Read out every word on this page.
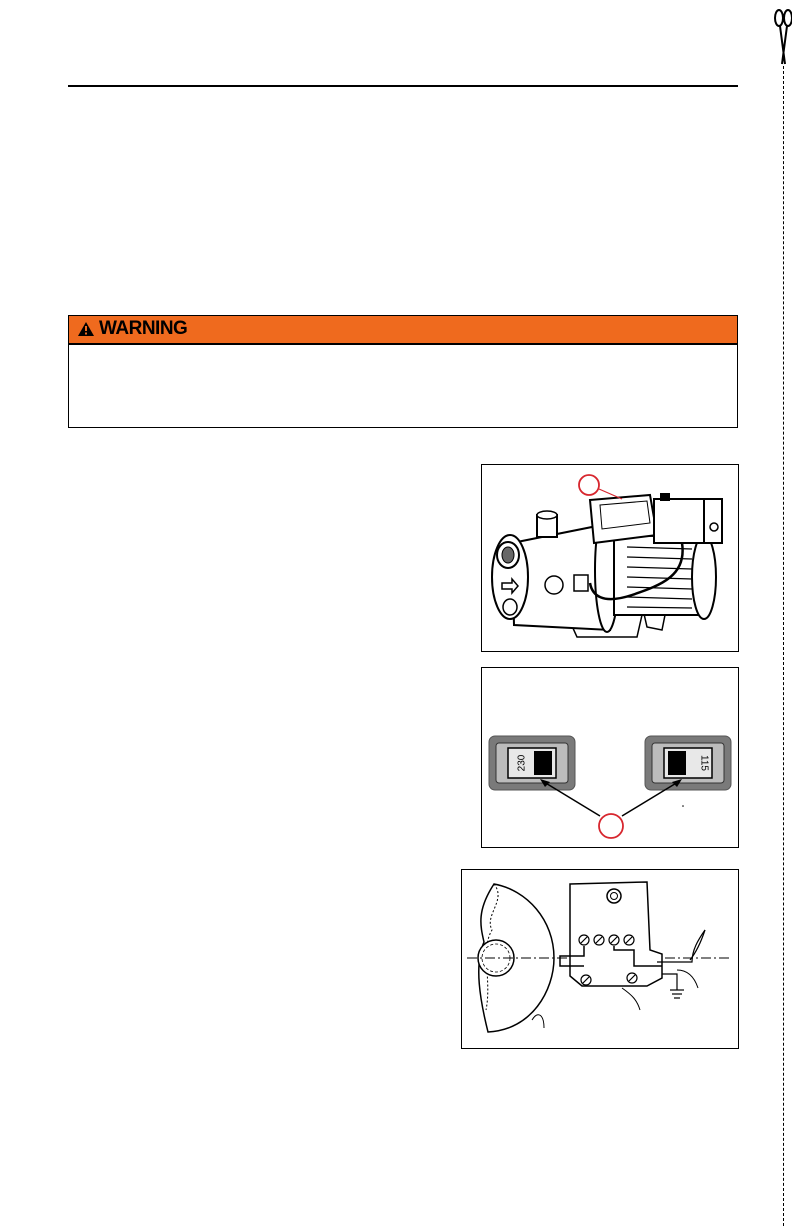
WARNING
230	115
